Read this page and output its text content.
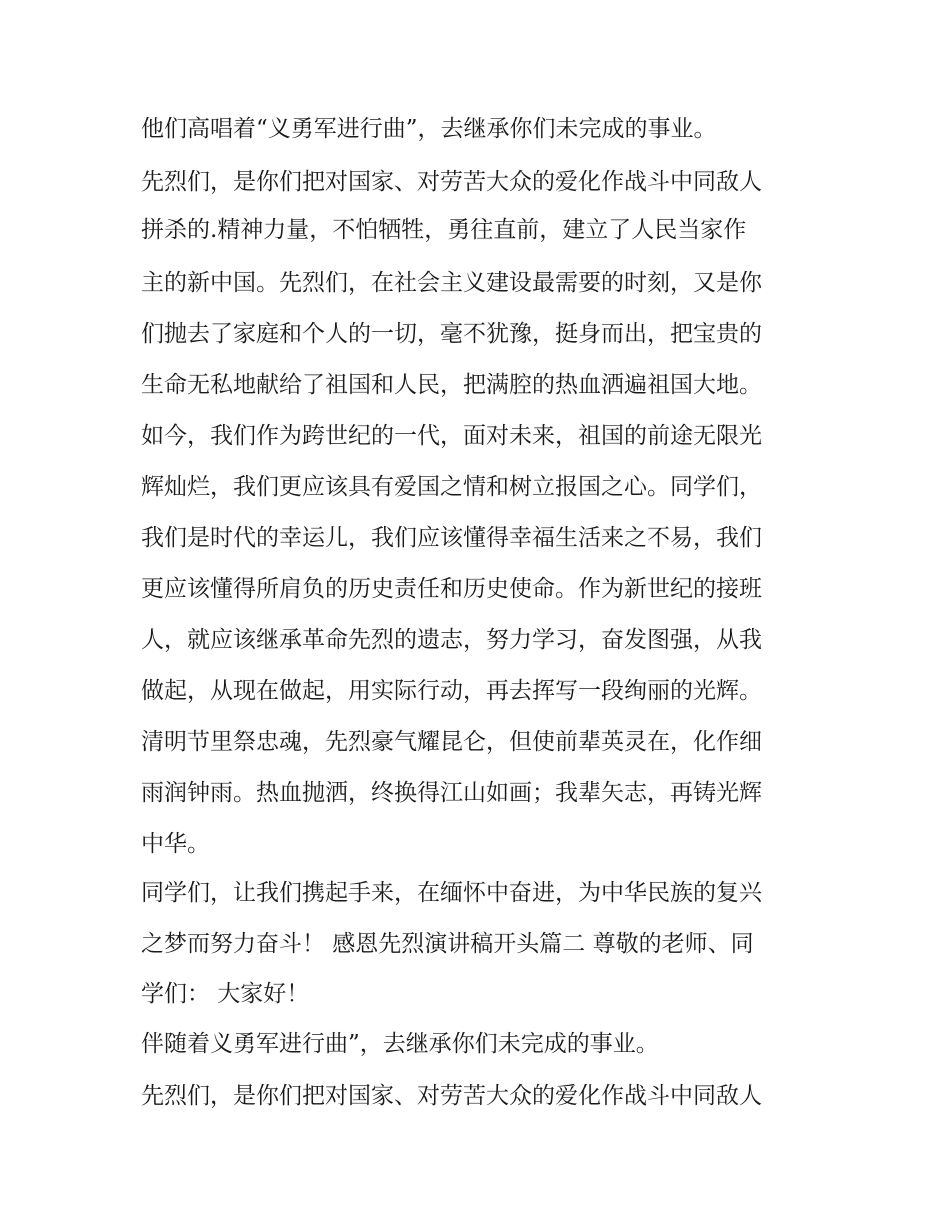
他们高唱着“义勇军进行曲”，去继承你们未完成的事业。
先烈们，是你们把对国家、对劳苦大众的爱化作战斗中同敌人
拼杀的.精神力量，不怕牺牲，勇往直前，建立了人民当家作
主的新中国。先烈们，在社会主义建设最需要的时刻，又是你
们抛去了家庭和个人的一切，毫不犹豫，挺身而出，把宝贵的
生命无私地献给了祖国和人民，把满腔的热血洒遍祖国大地。
如今，我们作为跨世纪的一代，面对未来，祖国的前途无限光
辉灿烂，我们更应该具有爱国之情和树立报国之心。同学们，
我们是时代的幸运儿，我们应该懂得幸福生活来之不易，我们
更应该懂得所肩负的历史责任和历史使命。作为新世纪的接班
人，就应该继承革命先烈的遗志，努力学习，奋发图强，从我
做起，从现在做起，用实际行动，再去挥写一段绚丽的光辉。
清明节里祭忠魂，先烈豪气耀昆仑，但使前辈英灵在，化作细
雨润钟雨。热血抛洒，终换得江山如画；我辈矢志，再铸光辉
中华。
同学们，让我们携起手来，在缅怀中奋进，为中华民族的复兴
之梦而努力奋斗！ 感恩先烈演讲稿开头篇二 尊敬的老师、同
学们： 大家好！
伴随着义勇军进行曲”，去继承你们未完成的事业。
先烈们，是你们把对国家、对劳苦大众的爱化作战斗中同敌人
